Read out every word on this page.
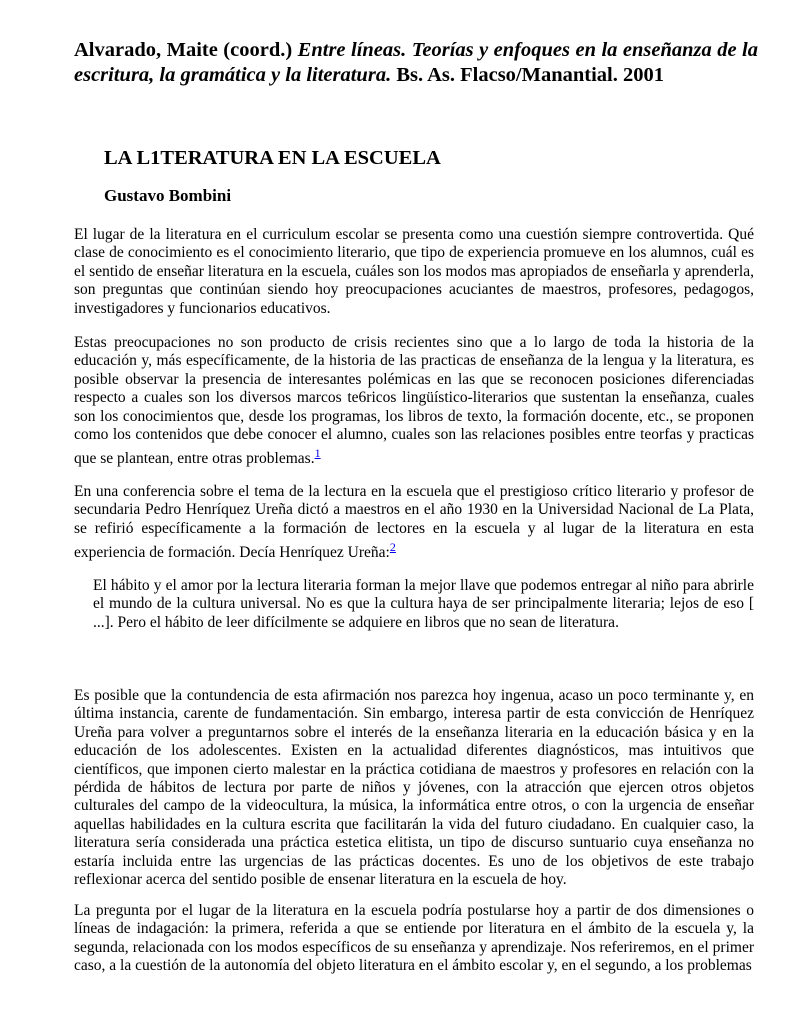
Alvarado, Maite (coord.) Entre líneas. Teorías y enfoques en la enseñanza de la escritura, la gramática y la literatura. Bs. As. Flacso/Manantial. 2001
LA L1TERATURA EN LA ESCUELA
Gustavo Bombini

El lugar de la literatura en el curriculum escolar se presenta como una cuestión siempre controvertida. Qué clase de conocimiento es el conocimiento literario, que tipo de experiencia promueve en los alumnos, cuál es el sentido de enseñar literatura en la escuela, cuáles son los modos mas apropiados de enseñarla y aprenderla, son preguntas que continúan siendo hoy preocupaciones acuciantes de maestros, profesores, pedagogos, investigadores y funcionarios educativos.

Estas preocupaciones no son producto de crisis recientes sino que a lo largo de toda la historia de la educación y, más específicamente, de la historia de las practicas de enseñanza de la lengua y la literatura, es posible observar la presencia de interesantes polémicas en las que se reconocen posiciones diferenciadas respecto a cuales son los diversos marcos te6ricos lingüístico-literarios que sustentan la enseñanza, cuales son los conocimientos que, desde los programas, los libros de texto, la formación docente, etc., se proponen como los contenidos que debe conocer el alumno, cuales son las relaciones posibles entre teorfas y practicas que se plantean, entre otras problemas.$^1$

En una conferencia sobre el tema de la lectura en la escuela que el prestigioso crítico literario y profesor de secundaria Pedro Henríquez Ureña dictó a maestros en el año 1930 en la Universidad Nacional de La Plata, se refirió específicamente a la formación de lectores en la escuela y al lugar de la literatura en esta experiencia de formación. Decía Henríquez Ureña:$^2$

El hábito y el amor por la lectura literaria forman la mejor llave que podemos entregar al niño para abrirle el mundo de la cultura universal. No es que la cultura haya de ser principalmente literaria; lejos de eso [ ...]. Pero el hábito de leer difícilmente se adquiere en libros que no sean de literatura.

Es posible que la contundencia de esta afirmación nos parezca hoy ingenua, acaso un poco terminante y, en última instancia, carente de fundamentación. Sin embargo, interesa partir de esta convicción de Henríquez Ureña para volver a preguntarnos sobre el interés de la enseñanza literaria en la educación básica y en la educación de los adolescentes. Existen en la actualidad diferentes diagnósticos, mas intuitivos que científicos, que imponen cierto malestar en la práctica cotidiana de maestros y profesores en relación con la pérdida de hábitos de lectura por parte de niños y jóvenes, con la atracción que ejercen otros objetos culturales del campo de la videocultura, la música, la informática entre otros, o con la urgencia de enseñar aquellas habilidades en la cultura escrita que facilitarán la vida del futuro ciudadano. En cualquier caso, la literatura sería considerada una práctica estetica elitista, un tipo de discurso suntuario cuya enseñanza no estaría incluida entre las urgencias de las prácticas docentes. Es uno de los objetivos de este trabajo reflexionar acerca del sentido posible de ensenar literatura en la escuela de hoy.

La pregunta por el lugar de la literatura en la escuela podría postularse hoy a partir de dos dimensiones o líneas de indagación: la primera, referida a que se entiende por literatura en el ámbito de la escuela y, la segunda, relacionada con los modos específicos de su enseñanza y aprendizaje. Nos referiremos, en el primer caso, a la cuestión de la autonomía del objeto literatura en el ámbito escolar y, en el segundo, a los problemas
